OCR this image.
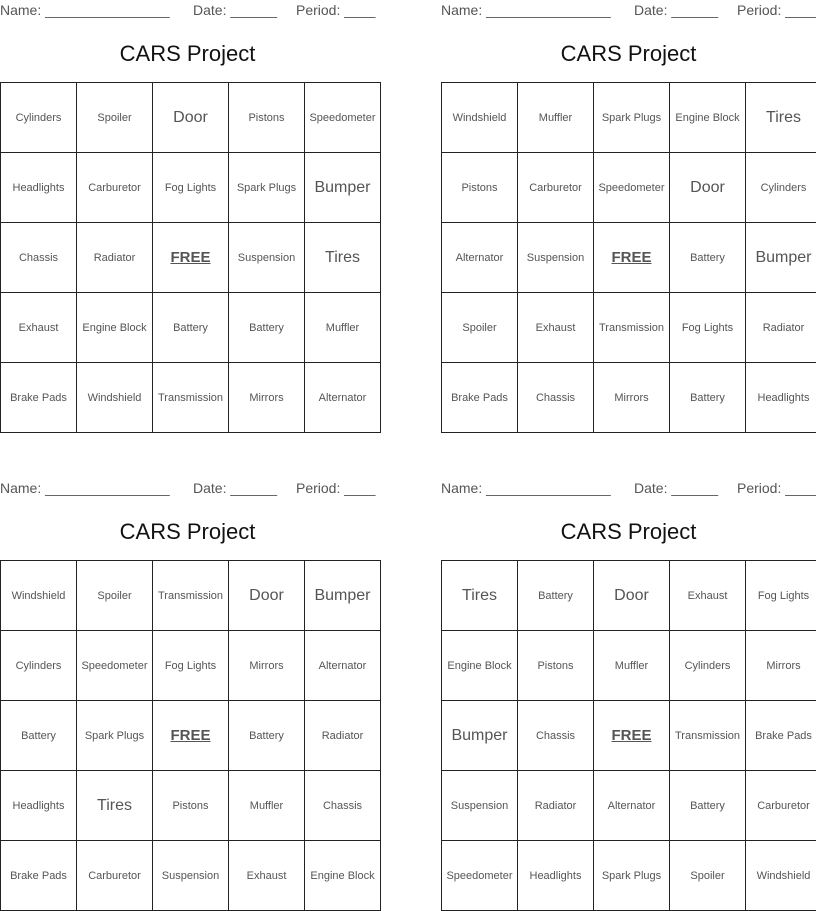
Name: ________________ Date: ______ Period: ____
CARS Project
Cylinders	Spoiler	Door	Pistons	Speedometer
Headlights	Carburetor	Fog Lights	Spark Plugs	Bumper
Chassis	Radiator	FREE	Suspension	Tires
Exhaust	Engine Block	Battery	Battery	Muffler
Brake Pads	Windshield	Transmission	Mirrors	Alternator
Name: ________________ Date: ______ Period: ____
CARS Project
Windshield	Muffler	Spark Plugs	Engine Block	Tires
Pistons	Carburetor	Speedometer	Door	Cylinders
Alternator	Suspension	FREE	Battery	Bumper
Spoiler	Exhaust	Transmission	Fog Lights	Radiator
Brake Pads	Chassis	Mirrors	Battery	Headlights
Name: ________________ Date: ______ Period: ____
CARS Project
Windshield	Spoiler	Transmission	Door	Bumper
Cylinders	Speedometer	Fog Lights	Mirrors	Alternator
Battery	Spark Plugs	FREE	Battery	Radiator
Headlights	Tires	Pistons	Muffler	Chassis
Brake Pads	Carburetor	Suspension	Exhaust	Engine Block
Name: ________________ Date: ______ Period: ____
CARS Project
Tires	Battery	Door	Exhaust	Fog Lights
Engine Block	Pistons	Muffler	Cylinders	Mirrors
Bumper	Chassis	FREE	Transmission	Brake Pads
Suspension	Radiator	Alternator	Battery	Carburetor
Speedometer	Headlights	Spark Plugs	Spoiler	Windshield
